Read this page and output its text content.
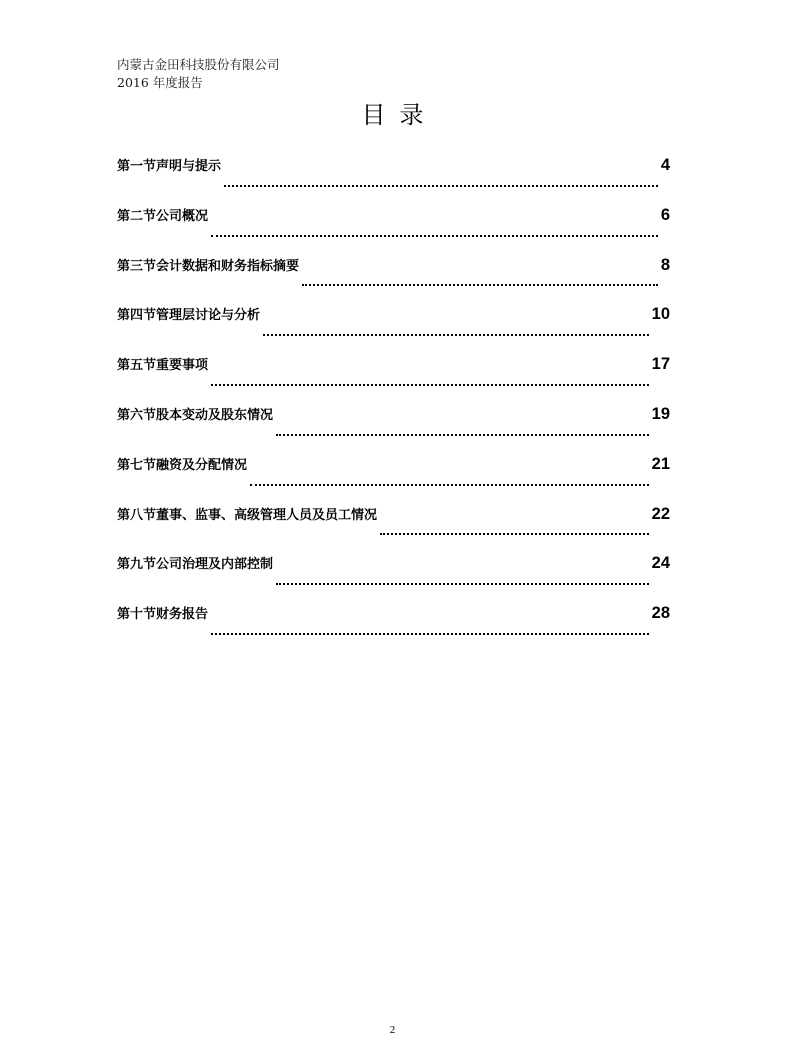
内蒙古金田科技股份有限公司
2016 年度报告
目录
第一节声明与提示	4
第二节公司概况	6
第三节会计数据和财务指标摘要	8
第四节管理层讨论与分析	10
第五节重要事项	17
第六节股本变动及股东情况	19
第七节融资及分配情况	21
第八节董事、监事、高级管理人员及员工情况	22
第九节公司治理及内部控制	24
第十节财务报告	28
2
